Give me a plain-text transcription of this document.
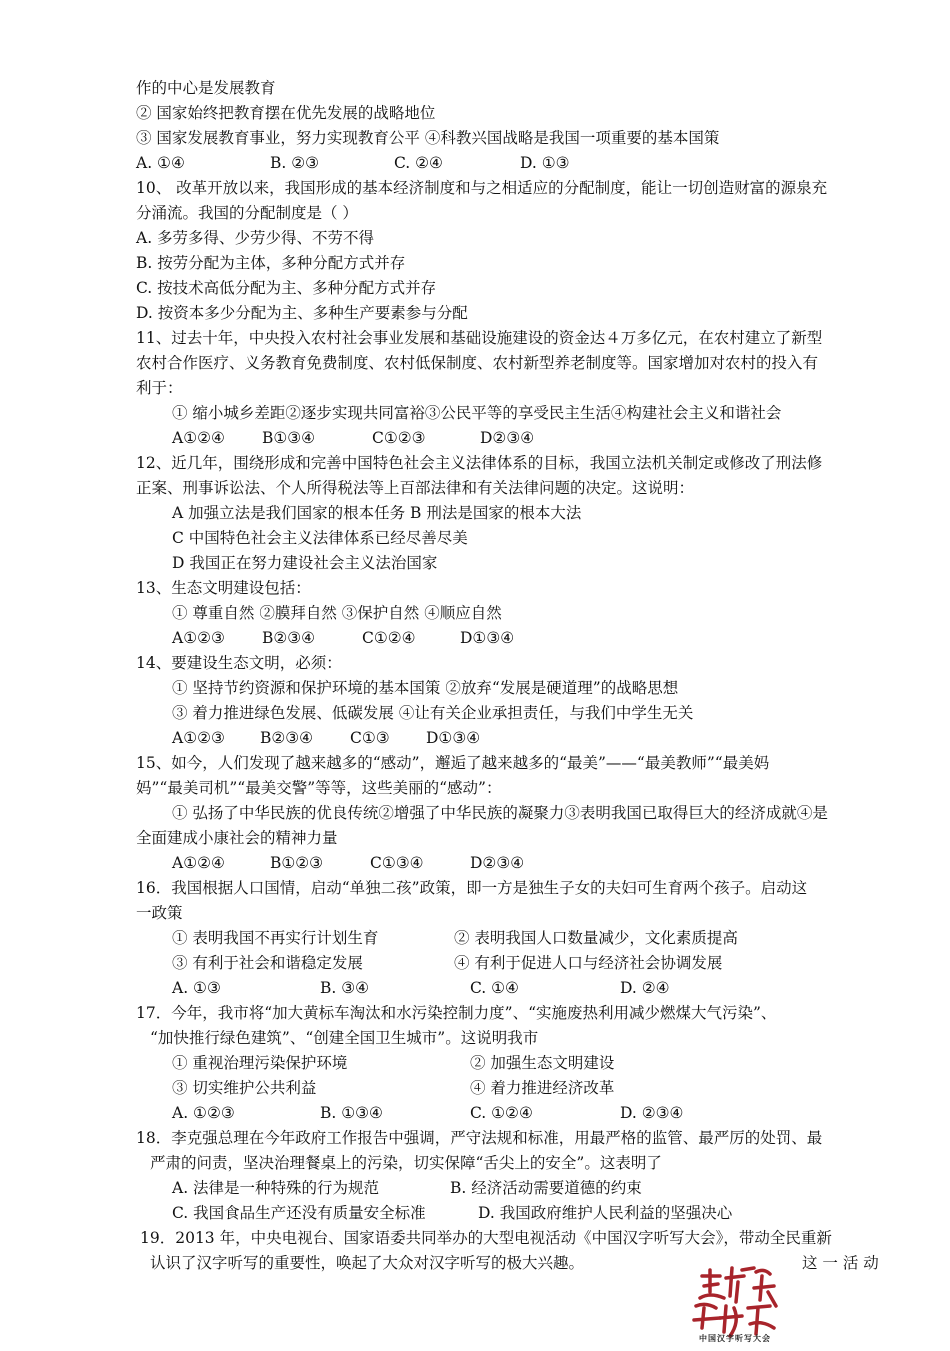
作的中心是发展教育
② 国家始终把教育摆在优先发展的战略地位
③ 国家发展教育事业，努力实现教育公平 ④科教兴国战略是我国一项重要的基本国策
A. ①④	B. ②③	C. ②④	D. ①③
10、 改革开放以来，我国形成的基本经济制度和与之相适应的分配制度，能让一切创造财富的源泉充
分涌流。我国的分配制度是（ ）
A. 多劳多得、少劳少得、不劳不得
B. 按劳分配为主体，多种分配方式并存
C. 按技术高低分配为主、多种分配方式并存
D. 按资本多少分配为主、多种生产要素参与分配
11、过去十年，中央投入农村社会事业发展和基础设施建设的资金达４万多亿元，在农村建立了新型
农村合作医疗、义务教育免费制度、农村低保制度、农村新型养老制度等。国家增加对农村的投入有
利于：
① 缩小城乡差距②逐步实现共同富裕③公民平等的享受民主生活④构建社会主义和谐社会
A①②④ B①③④	C①②③	D②③④
12、近几年，围绕形成和完善中国特色社会主义法律体系的目标，我国立法机关制定或修改了刑法修
正案、刑事诉讼法、个人所得税法等上百部法律和有关法律问题的决定。这说明：
A 加强立法是我们国家的根本任务 B 刑法是国家的根本大法
C 中国特色社会主义法律体系已经尽善尽美
D 我国正在努力建设社会主义法治国家
13、生态文明建设包括：
① 尊重自然 ②膜拜自然 ③保护自然 ④顺应自然
A①②③ B②③④	C①②④	D①③④
14、要建设生态文明，必须：
① 坚持节约资源和保护环境的基本国策 ②放弃“发展是硬道理”的战略思想
③ 着力推进绿色发展、低碳发展 ④让有关企业承担责任，与我们中学生无关
A①②③ B②③④ C①③ D①③④
15、如今，人们发现了越来越多的“感动”，邂逅了越来越多的“最美”——“最美教师”“最美妈
妈”“最美司机”“最美交警”等等，这些美丽的“感动”：
① 弘扬了中华民族的优良传统②增强了中华民族的凝聚力③表明我国已取得巨大的经济成就④是
全面建成小康社会的精神力量
A①②④	B①②③	C①③④	D②③④
16．我国根据人口国情，启动“单独二孩”政策，即一方是独生子女的夫妇可生育两个孩子。启动这
一政策
① 表明我国不再实行计划生育	② 表明我国人口数量减少，文化素质提高
③ 有利于社会和谐稳定发展	④ 有利于促进人口与经济社会协调发展
A. ①③	B. ③④	C. ①④	D. ②④
17．今年，我市将“加大黄标车淘汰和水污染控制力度”、“实施废热利用减少燃煤大气污染”、
“加快推行绿色建筑”、“创建全国卫生城市”。这说明我市
① 重视治理污染保护环境	② 加强生态文明建设
③ 切实维护公共利益	④ 着力推进经济改革
A. ①②③	B. ①③④	C. ①②④	D. ②③④
18．李克强总理在今年政府工作报告中强调，严守法规和标准，用最严格的监管、最严厉的处罚、最
严肃的问责，坚决治理餐桌上的污染，切实保障“舌尖上的安全”。这表明了
A. 法律是一种特殊的行为规范	B. 经济活动需要道德的约束
C. 我国食品生产还没有质量安全标准	D. 我国政府维护人民利益的坚强决心
19．2013 年，中央电视台、国家语委共同举办的大型电视活动《中国汉字听写大会》，带动全民重新
认识了汉字听写的重要性，唤起了大众对汉字听写的极大兴趣。	这 一 活 动
中国汉字听写大会
